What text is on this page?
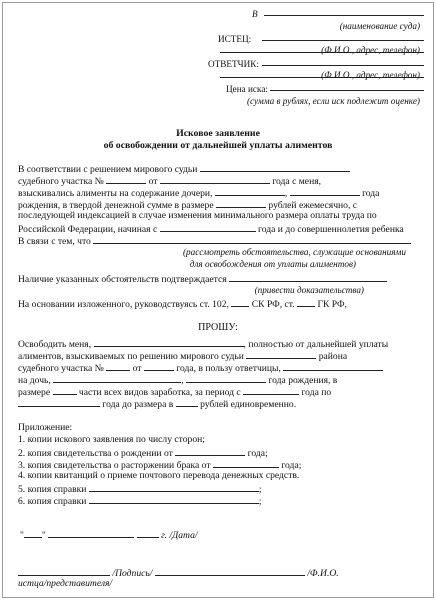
В
(наименование суда)
ИСТЕЦ:
(Ф.И.О., адрес, телефон)
ОТВЕТЧИК:
(Ф.И.О., адрес, телефон)
Цена иска:
(сумма в рублях, если иск подлежит оценке)
Исковое заявление
об освобождении от дальнейшей уплаты алиментов
В соответствии с решением мирового судьи
судебного участка №	от	года с меня,
взыскивались алименты на содержание дочери,	,	года
рождения, в твердой денежной сумме в размере	рублей ежемесячно, с
последующей индексацией в случае изменения минимального размера оплаты труда по
Российской Федерации, начиная с	года и до совершеннолетия ребенка
В связи с тем, что
(рассмотреть обстоятельства, служащие основаниями
для освобождения от уплаты алиментов)
Наличие указанных обстоятельств подтверждается
(привести доказательства)
На основании изложенного, руководствуясь ст. 102, СК РФ, ст. ГК РФ,
ПРОШУ:
Освободить меня,	, полностью от дальнейшей уплаты
алиментов, взыскиваемых по решению мирового судьи	района
судебного участка №	от	года, в пользу ответчицы,
на дочь,	,	года рождения, в
размере	части всех видов заработка, за период с	года по
года до размера в	рублей единовременно.
Приложение:
1. копии искового заявления по числу сторон;
2. копия свидетельства о рождении от	года;
3. копия свидетельства о расторжении брака от	года;
4. копии квитанций о приеме почтового перевода денежных средств.
5. копия справки	;
6. копия справки	;
" "	г. /Дата/
/Подпись/	/Ф.И.О.
истца/представителя/
